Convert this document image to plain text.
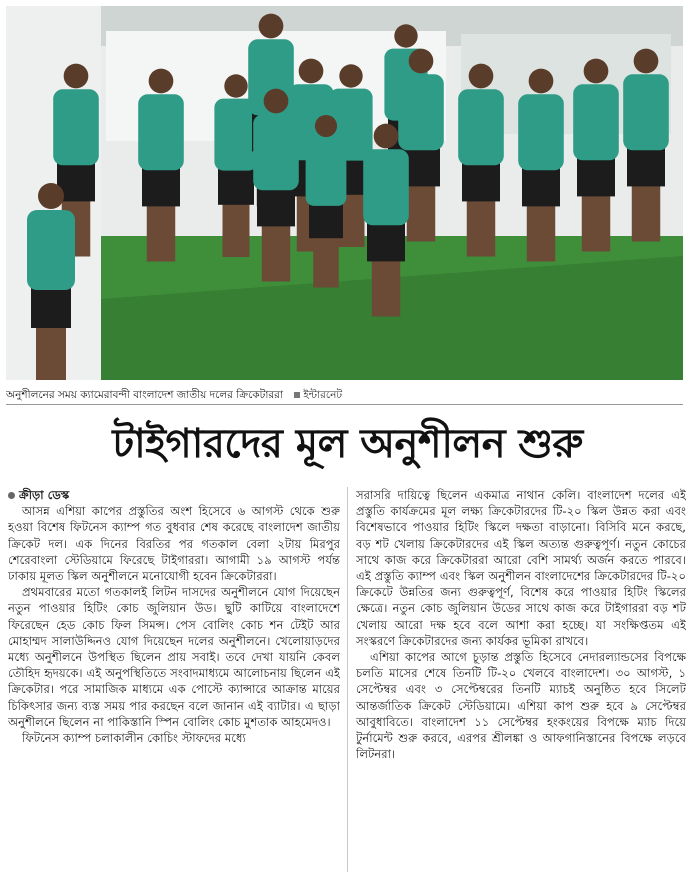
অনুশীলনের সময় ক্যামেরাবন্দী বাংলাদেশ জাতীয় দলের ক্রিকেটাররা ইন্টারনেট
টাইগারদের মূল অনুশীলন শুরু
ক্রীড়া ডেস্ক

আসন্ন এশিয়া কাপের প্রস্তুতির অংশ হিসেবে ৬ আগস্ট থেকে শুরু হওয়া বিশেষ ফিটনেস ক্যাম্প গত বুধবার শেষ করেছে বাংলাদেশ জাতীয় ক্রিকেট দল। এক দিনের বিরতির পর গতকাল বেলা ২টায় মিরপুর শেরেবাংলা স্টেডিয়ামে ফিরেছে টাইগাররা। আগামী ১৯ আগস্ট পর্যন্ত ঢাকায় মূলত স্কিল অনুশীলনে মনোযোগী হবেন ক্রিকেটাররা।

প্রথমবারের মতো গতকালই লিটন দাসদের অনুশীলনে যোগ দিয়েছেন নতুন পাওয়ার হিটিং কোচ জুলিয়ান উড। ছুটি কাটিয়ে বাংলাদেশে ফিরেছেন হেড কোচ ফিল সিমন্স। পেস বোলিং কোচ শন টেইট আর মোহাম্মদ সালাউদ্দিনও যোগ দিয়েছেন দলের অনুশীলনে। খেলোয়াড়দের মধ্যে অনুশীলনে উপস্থিত ছিলেন প্রায় সবাই। তবে দেখা যায়নি কেবল তৌহিদ হৃদয়কে। এই অনুপস্থিতিতে সংবাদমাধ্যমে আলোচনায় ছিলেন এই ক্রিকেটার। পরে সামাজিক মাধ্যমে এক পোস্টে ক্যান্সারে আক্রান্ত মায়ের চিকিৎসার জন্য ব্যস্ত সময় পার করছেন বলে জানান এই ব্যাটার। এ ছাড়া অনুশীলনে ছিলেন না পাকিস্তানি স্পিন বোলিং কোচ মুশতাক আহমেদও।

ফিটনেস ক্যাম্প চলাকালীন কোচিং স্টাফদের মধ্যে

সরাসরি দায়িত্বে ছিলেন একমাত্র নাথান কেলি। বাংলাদেশ দলের এই প্রস্তুতি কার্যক্রমের মূল লক্ষ্য ক্রিকেটারদের টি-২০ স্কিল উন্নত করা এবং বিশেষভাবে পাওয়ার হিটিং স্কিলে দক্ষতা বাড়ানো। বিসিবি মনে করছে, বড় শট খেলায় ক্রিকেটারদের এই স্কিল অত্যন্ত গুরুত্বপূর্ণ। নতুন কোচের সাথে কাজ করে ক্রিকেটাররা আরো বেশি সামর্থ্য অর্জন করতে পারবে। এই প্রস্তুতি ক্যাম্প এবং স্কিল অনুশীলন বাংলাদেশের ক্রিকেটারদের টি-২০ ক্রিকেটে উন্নতির জন্য গুরুত্বপূর্ণ, বিশেষ করে পাওয়ার হিটিং স্কিলের ক্ষেত্রে। নতুন কোচ জুলিয়ান উডের সাথে কাজ করে টাইগাররা বড় শট খেলায় আরো দক্ষ হবে বলে আশা করা হচ্ছে। যা সংক্ষিপ্ততম এই সংস্করণে ক্রিকেটারদের জন্য কার্যকর ভূমিকা রাখবে।

এশিয়া কাপের আগে চূড়ান্ত প্রস্তুতি হিসেবে নেদারল্যান্ডসের বিপক্ষে চলতি মাসের শেষে তিনটি টি-২০ খেলবে বাংলাদেশ। ৩০ আগস্ট, ১ সেপ্টেম্বর এবং ৩ সেপ্টেম্বরের তিনটি ম্যাচই অনুষ্ঠিত হবে সিলেট আন্তর্জাতিক ক্রিকেট স্টেডিয়ামে। এশিয়া কাপ শুরু হবে ৯ সেপ্টেম্বর আবুধাবিতে। বাংলাদেশ ১১ সেপ্টেম্বর হংকংয়ের বিপক্ষে ম্যাচ দিয়ে টুর্নামেন্ট শুরু করবে, এরপর শ্রীলঙ্কা ও আফগানিস্তানের বিপক্ষে লড়বে লিটনরা।
